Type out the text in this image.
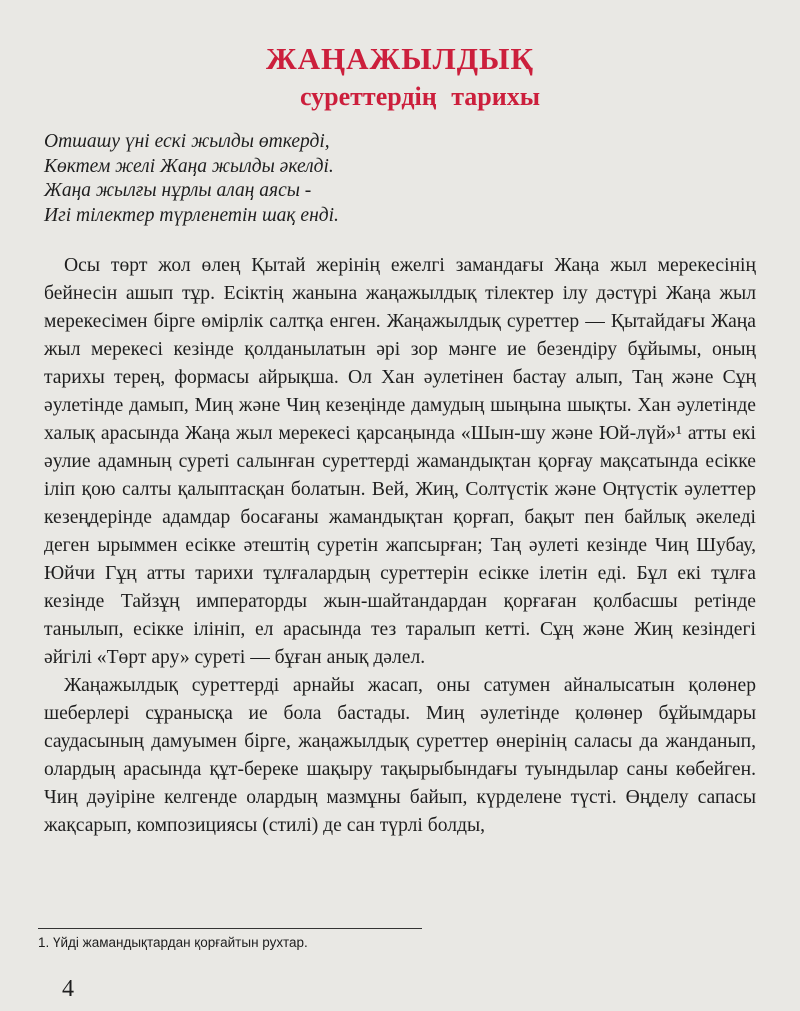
ЖАҢАЖЫЛДЫҚ
суреттердің тарихы
Отшашу үні ескі жылды өткерді,
Көктем желі Жаңа жылды әкелді.
Жаңа жылғы нұрлы алаң аясы -
Игі тілектер түрленетін шақ енді.

Осы төрт жол өлең Қытай жерінің ежелгі замандағы Жаңа жыл мерекесінің бейнесін ашып тұр. Есіктің жанына жаңажылдық тілектер ілу дәстүрі Жаңа жыл мерекесімен бірге өмірлік салтқа енген. Жаңажылдық суреттер — Қытайдағы Жаңа жыл мерекесі кезінде қолданылатын әрі зор мәнге ие безендіру бұйымы, оның тарихы терең, формасы айрықша. Ол Хан әулетінен бастау алып, Таң және Сұң әулетінде дамып, Миң және Чиң кезеңінде дамудың шыңына шықты. Хан әулетінде халық арасында Жаңа жыл мерекесі қарсаңында «Шын-шу және Юй-лүй»¹ атты екі әулие адамның суреті салынған суреттерді жамандықтан қорғау мақсатында есікке іліп қою салты қалыптасқан болатын. Вей, Жиң, Солтүстік және Оңтүстік әулеттер кезеңдерінде адамдар босағаны жамандықтан қорғап, бақыт пен байлық әкеледі деген ырыммен есікке әтештің суретін жапсырған; Таң әулеті кезінде Чиң Шубау, Юйчи Гұң атты тарихи тұлғалардың суреттерін есікке ілетін еді. Бұл екі тұлға кезінде Тайзұң императорды жын-шайтандардан қорғаған қолбасшы ретінде танылып, есікке ілініп, ел арасында тез таралып кетті. Сұң және Жиң кезіндегі әйгілі «Төрт ару» суреті — бұған анық дәлел.

Жаңажылдық суреттерді арнайы жасап, оны сатумен айналысатын қолөнер шеберлері сұранысқа ие бола бастады. Миң әулетінде қолөнер бұйымдары саудасының дамуымен бірге, жаңажылдық суреттер өнерінің саласы да жанданып, олардың арасында құт-береке шақыру тақырыбындағы туындылар саны көбейген. Чиң дәуіріне келгенде олардың мазмұны байып, күрделене түсті. Өңделу сапасы жақсарып, композициясы (стилі) де сан түрлі болды,

1. Үйді жамандықтардан қорғайтын рухтар.
4
